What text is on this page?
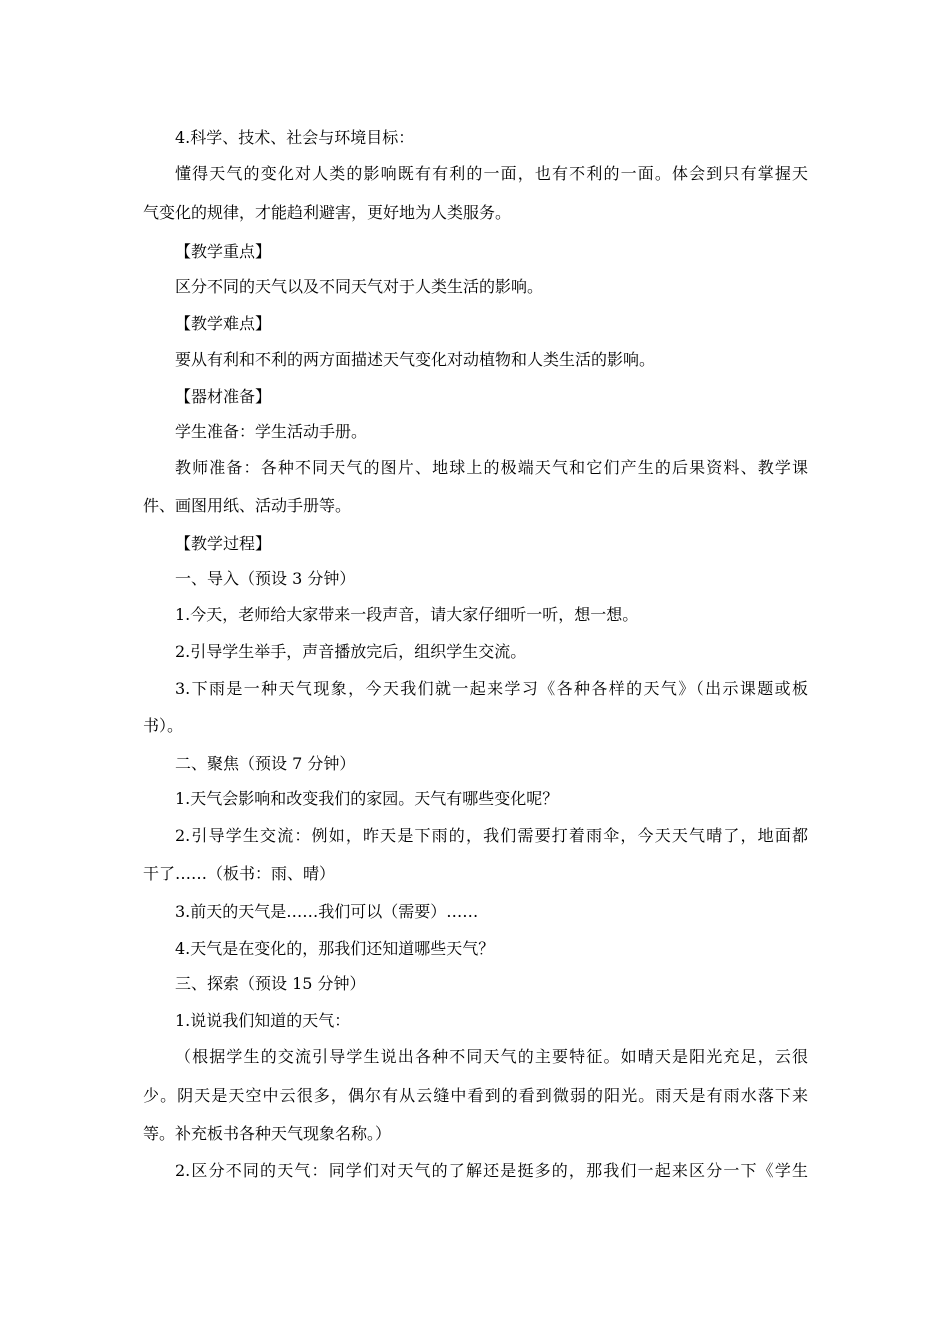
4.科学、技术、社会与环境目标：
懂得天气的变化对人类的影响既有有利的一面，也有不利的一面。体会到只有掌握天
气变化的规律，才能趋利避害，更好地为人类服务。
【教学重点】
区分不同的天气以及不同天气对于人类生活的影响。
【教学难点】
要从有利和不利的两方面描述天气变化对动植物和人类生活的影响。
【器材准备】
学生准备：学生活动手册。
教师准备：各种不同天气的图片、地球上的极端天气和它们产生的后果资料、教学课
件、画图用纸、活动手册等。
【教学过程】
一、导入（预设 3 分钟）
1.今天，老师给大家带来一段声音，请大家仔细听一听，想一想。
2.引导学生举手，声音播放完后，组织学生交流。
3.下雨是一种天气现象，今天我们就一起来学习《各种各样的天气》（出示课题或板
书）。
二、聚焦（预设 7 分钟）
1.天气会影响和改变我们的家园。天气有哪些变化呢？
2.引导学生交流：例如，昨天是下雨的，我们需要打着雨伞，今天天气晴了，地面都
干了……（板书：雨、晴）
3.前天的天气是……我们可以（需要）……
4.天气是在变化的，那我们还知道哪些天气？
三、探索（预设 15 分钟）
1.说说我们知道的天气：
（根据学生的交流引导学生说出各种不同天气的主要特征。如晴天是阳光充足，云很
少。阴天是天空中云很多，偶尔有从云缝中看到的看到微弱的阳光。雨天是有雨水落下来
等。补充板书各种天气现象名称。）
2.区分不同的天气：同学们对天气的了解还是挺多的，那我们一起来区分一下《学生
